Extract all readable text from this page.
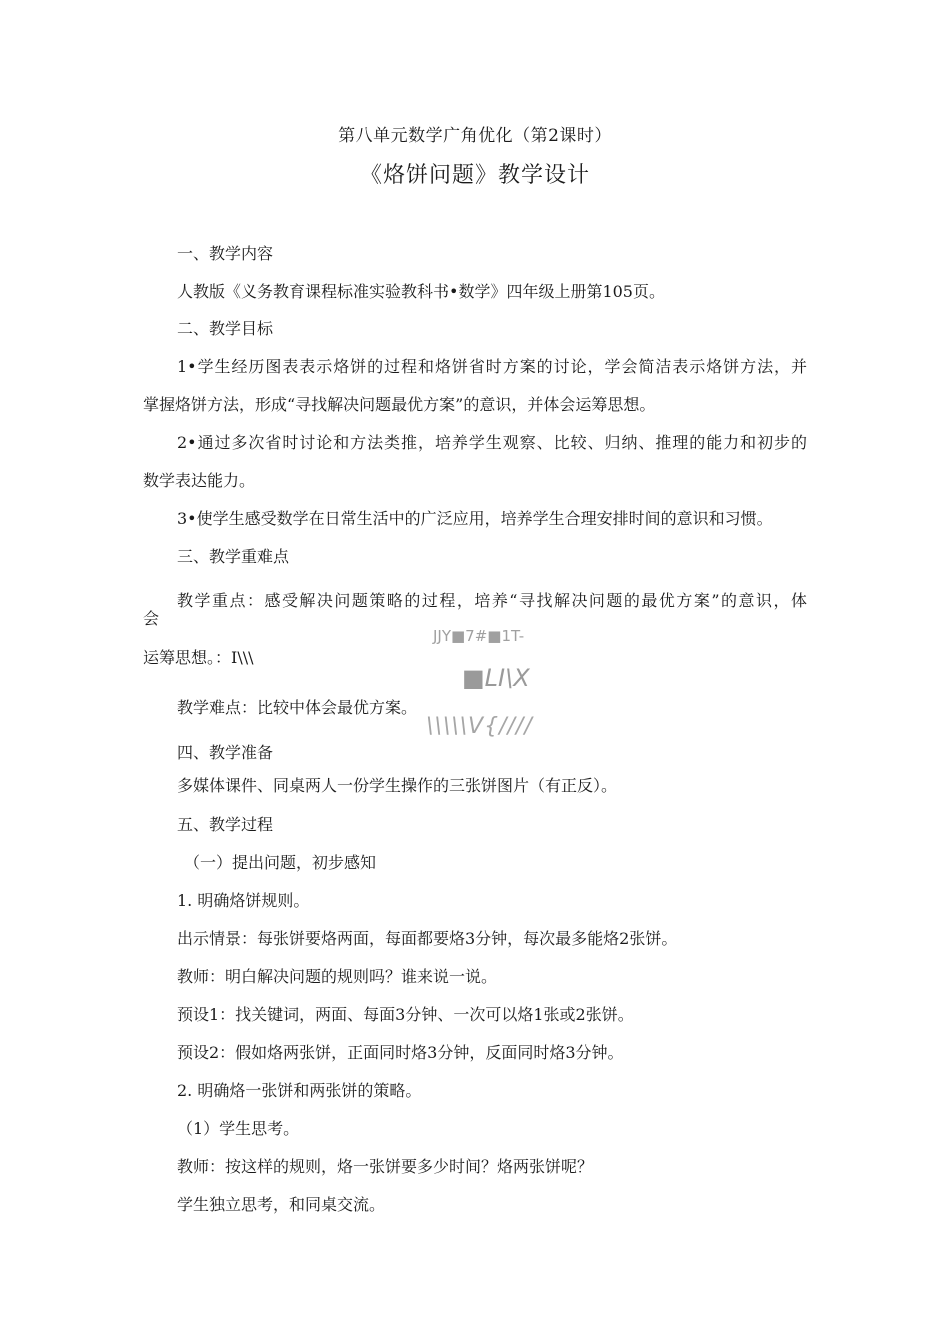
第八单元数学广角优化（第2课时）
《烙饼问题》教学设计
一、教学内容
人教版《义务教育课程标准实验教科书•数学》四年级上册第105页。
二、教学目标
1•学生经历图表表示烙饼的过程和烙饼省时方案的讨论，学会简洁表示烙饼方法，并
掌握烙饼方法，形成“寻找解决问题最优方案”的意识，并体会运筹思想。
2•通过多次省时讨论和方法类推，培养学生观察、比较、归纳、推理的能力和初步的
数学表达能力。
3•使学生感受数学在日常生活中的广泛应用，培养学生合理安排时间的意识和习惯。
三、教学重难点
教学重点：感受解决问题策略的过程，培养“寻找解决问题的最优方案”的意识，体
会
运筹思想。：I\\\
JJY■7#■1T-
■LI\X
\\\\\V{////
教学难点：比较中体会最优方案。
四、教学准备
多媒体课件、同桌两人一份学生操作的三张饼图片（有正反）。
五、教学过程
（一）提出问题，初步感知
1. 明确烙饼规则。
出示情景：每张饼要烙两面，每面都要烙3分钟，每次最多能烙2张饼。
教师：明白解决问题的规则吗？谁来说一说。
预设1：找关键词，两面、每面3分钟、一次可以烙1张或2张饼。
预设2：假如烙两张饼，正面同时烙3分钟，反面同时烙3分钟。
2. 明确烙一张饼和两张饼的策略。
（1）学生思考。
教师：按这样的规则，烙一张饼要多少时间？烙两张饼呢？
学生独立思考，和同桌交流。
